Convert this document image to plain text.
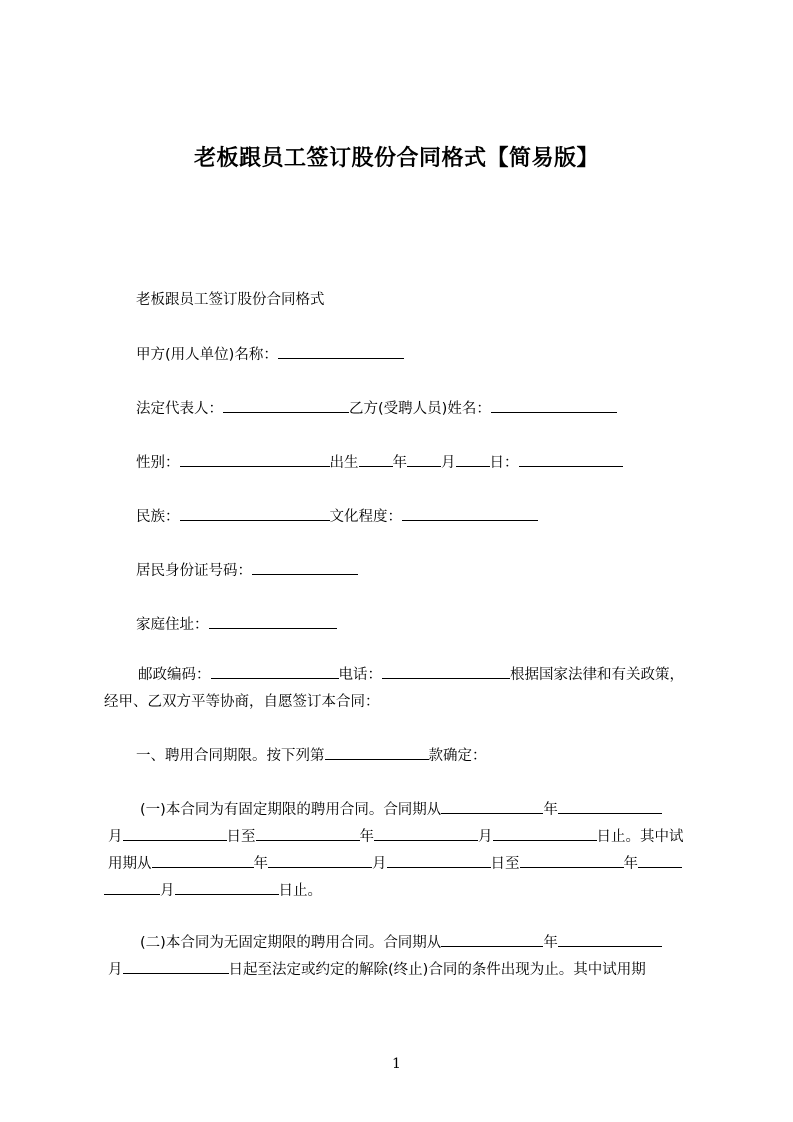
老板跟员工签订股份合同格式【简易版】
老板跟员工签订股份合同格式
甲方(用人单位)名称：
法定代表人：	乙方(受聘人员)姓名：
性别：	出生 年 月 日：
民族：	文化程度：
居民身份证号码：
家庭住址：
邮政编码：	电话：	根据国家法律和有关政策，
经甲、乙双方平等协商，自愿签订本合同：
一、聘用合同期限。按下列第	款确定：
(一)本合同为有固定期限的聘用合同。合同期从	年
月	日至	年	月	日止。其中试
用期从	年	月	日至	年
月	日止。
(二)本合同为无固定期限的聘用合同。合同期从	年
月	日起至法定或约定的解除(终止)合同的条件出现为止。其中试用期
1
